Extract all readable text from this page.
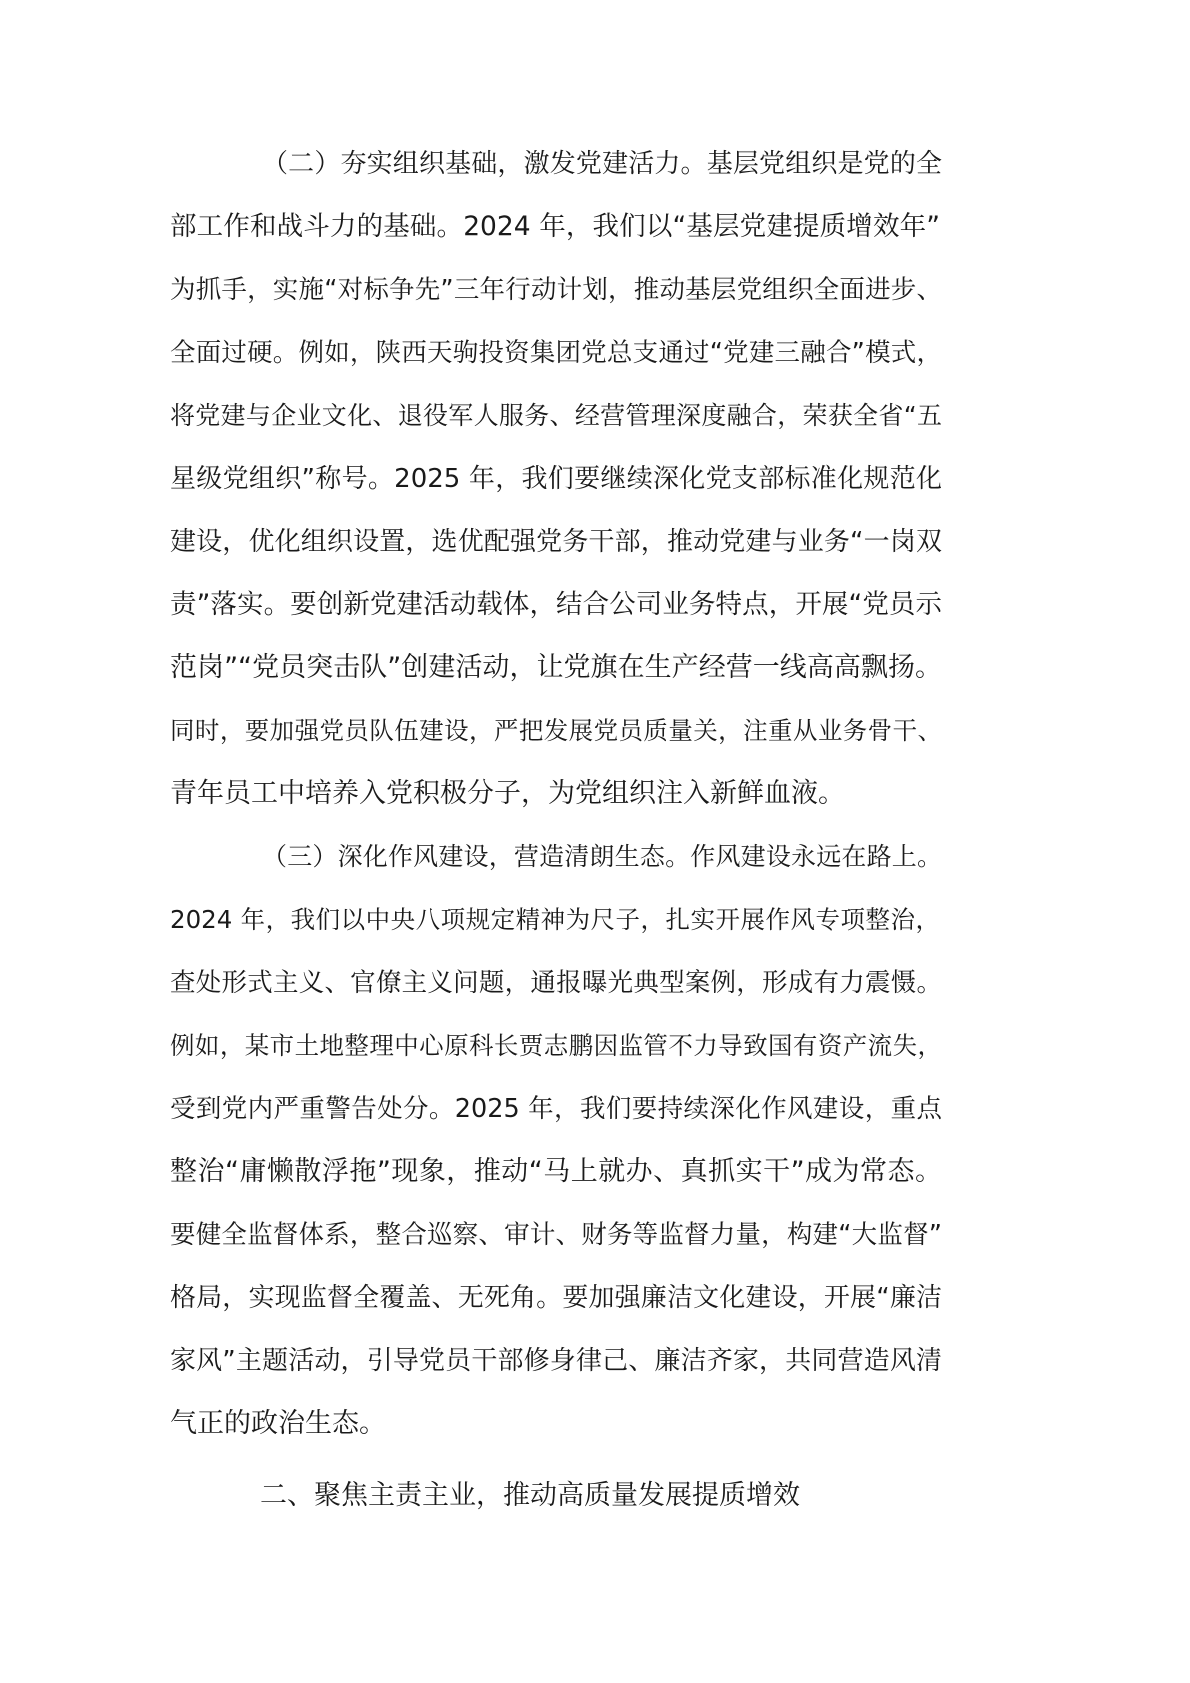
（二）夯实组织基础，激发党建活力。基层党组织是党的全

部工作和战斗力的基础。2024 年，我们以“基层党建提质增效年”

为抓手，实施“对标争先”三年行动计划，推动基层党组织全面进步、

全面过硬。例如，陕西天驹投资集团党总支通过“党建三融合”模式，

将党建与企业文化、退役军人服务、经营管理深度融合，荣获全省“五

星级党组织”称号。2025 年，我们要继续深化党支部标准化规范化

建设，优化组织设置，选优配强党务干部，推动党建与业务“一岗双

责”落实。要创新党建活动载体，结合公司业务特点，开展“党员示

范岗”“党员突击队”创建活动，让党旗在生产经营一线高高飘扬。

同时，要加强党员队伍建设，严把发展党员质量关，注重从业务骨干、

青年员工中培养入党积极分子，为党组织注入新鲜血液。

（三）深化作风建设，营造清朗生态。作风建设永远在路上。

2024 年，我们以中央八项规定精神为尺子，扎实开展作风专项整治，

查处形式主义、官僚主义问题，通报曝光典型案例，形成有力震慑。

例如，某市土地整理中心原科长贾志鹏因监管不力导致国有资产流失，

受到党内严重警告处分。2025 年，我们要持续深化作风建设，重点

整治“庸懒散浮拖”现象，推动“马上就办、真抓实干”成为常态。

要健全监督体系，整合巡察、审计、财务等监督力量，构建“大监督”

格局，实现监督全覆盖、无死角。要加强廉洁文化建设，开展“廉洁

家风”主题活动，引导党员干部修身律己、廉洁齐家，共同营造风清

气正的政治生态。

二、聚焦主责主业，推动高质量发展提质增效
